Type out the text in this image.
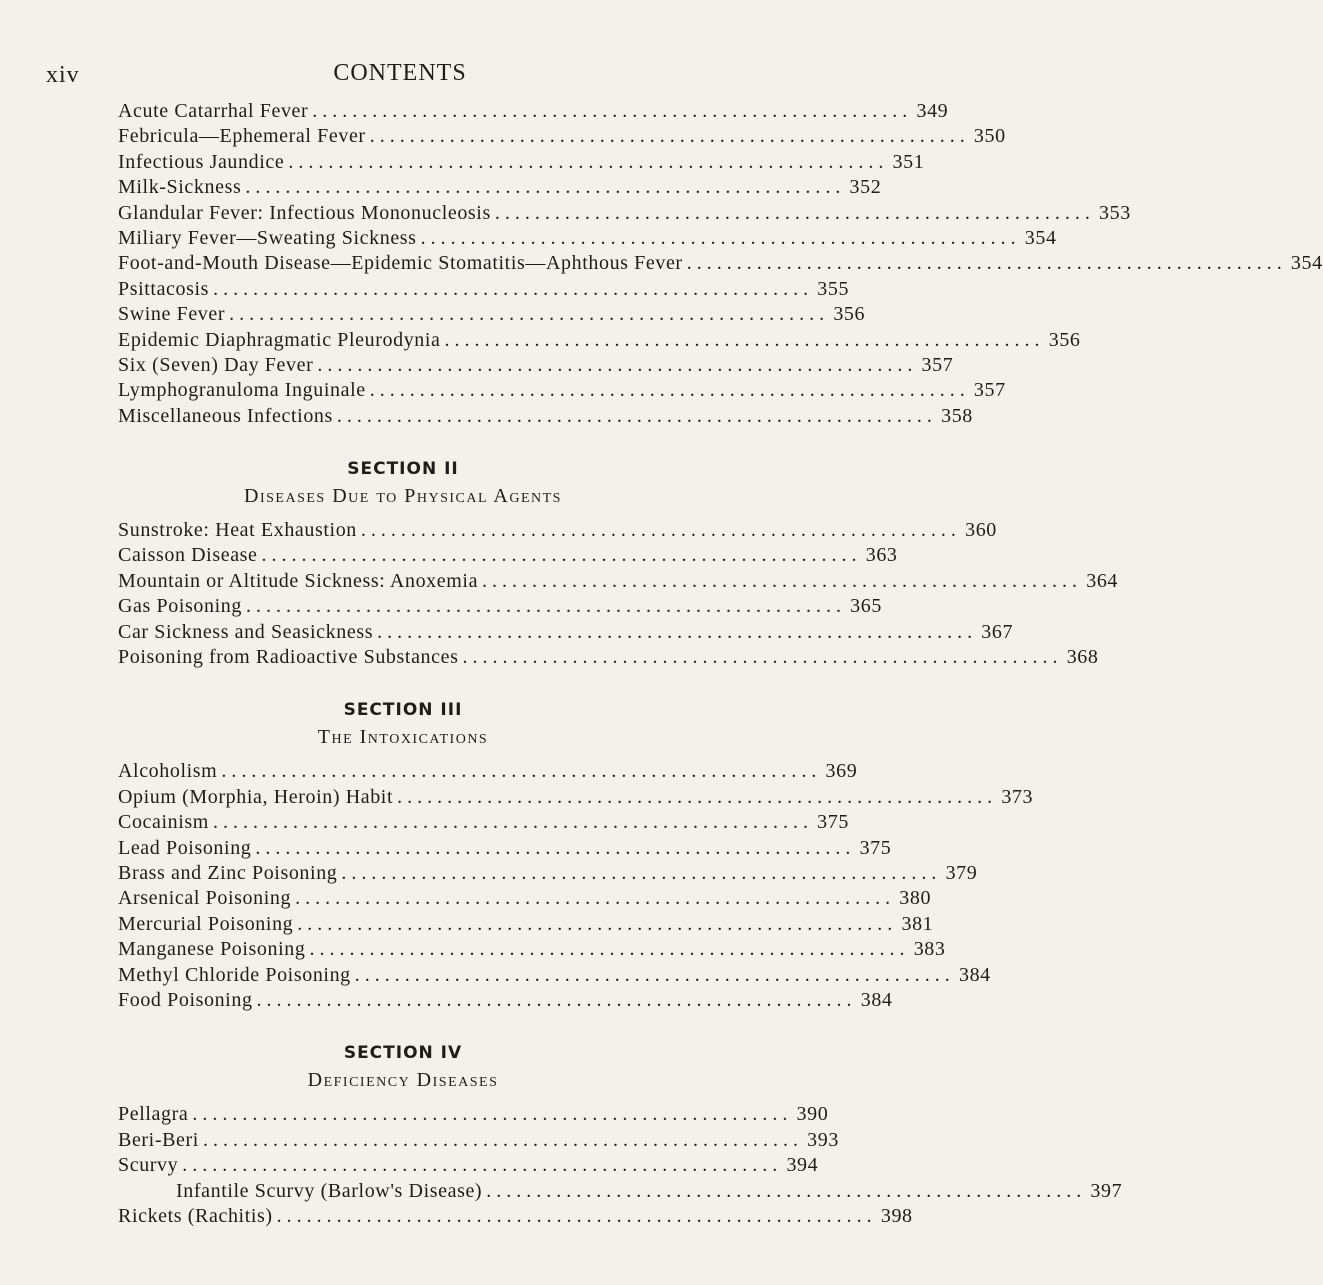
xiv	CONTENTS
Acute Catarrhal Fever ............................................................ 349
Febricula—Ephemeral Fever ............................................................ 350
Infectious Jaundice ............................................................ 351
Milk-Sickness ............................................................ 352
Glandular Fever: Infectious Mononucleosis ............................................................ 353
Miliary Fever—Sweating Sickness ............................................................ 354
Foot-and-Mouth Disease—Epidemic Stomatitis—Aphthous Fever ............................................................ 354
Psittacosis ............................................................ 355
Swine Fever ............................................................ 356
Epidemic Diaphragmatic Pleurodynia ............................................................ 356
Six (Seven) Day Fever ............................................................ 357
Lymphogranuloma Inguinale ............................................................ 357
Miscellaneous Infections ............................................................ 358
SECTION II
Diseases Due to Physical Agents
Sunstroke: Heat Exhaustion ............................................................ 360
Caisson Disease ............................................................ 363
Mountain or Altitude Sickness: Anoxemia ............................................................ 364
Gas Poisoning ............................................................ 365
Car Sickness and Seasickness ............................................................ 367
Poisoning from Radioactive Substances ............................................................ 368
SECTION III
The Intoxications
Alcoholism ............................................................ 369
Opium (Morphia, Heroin) Habit ............................................................ 373
Cocainism ............................................................ 375
Lead Poisoning ............................................................ 375
Brass and Zinc Poisoning ............................................................ 379
Arsenical Poisoning ............................................................ 380
Mercurial Poisoning ............................................................ 381
Manganese Poisoning ............................................................ 383
Methyl Chloride Poisoning ............................................................ 384
Food Poisoning ............................................................ 384
SECTION IV
Deficiency Diseases
Pellagra ............................................................ 390
Beri-Beri ............................................................ 393
Scurvy ............................................................ 394
Infantile Scurvy (Barlow's Disease) ............................................................ 397
Rickets (Rachitis) ............................................................ 398
